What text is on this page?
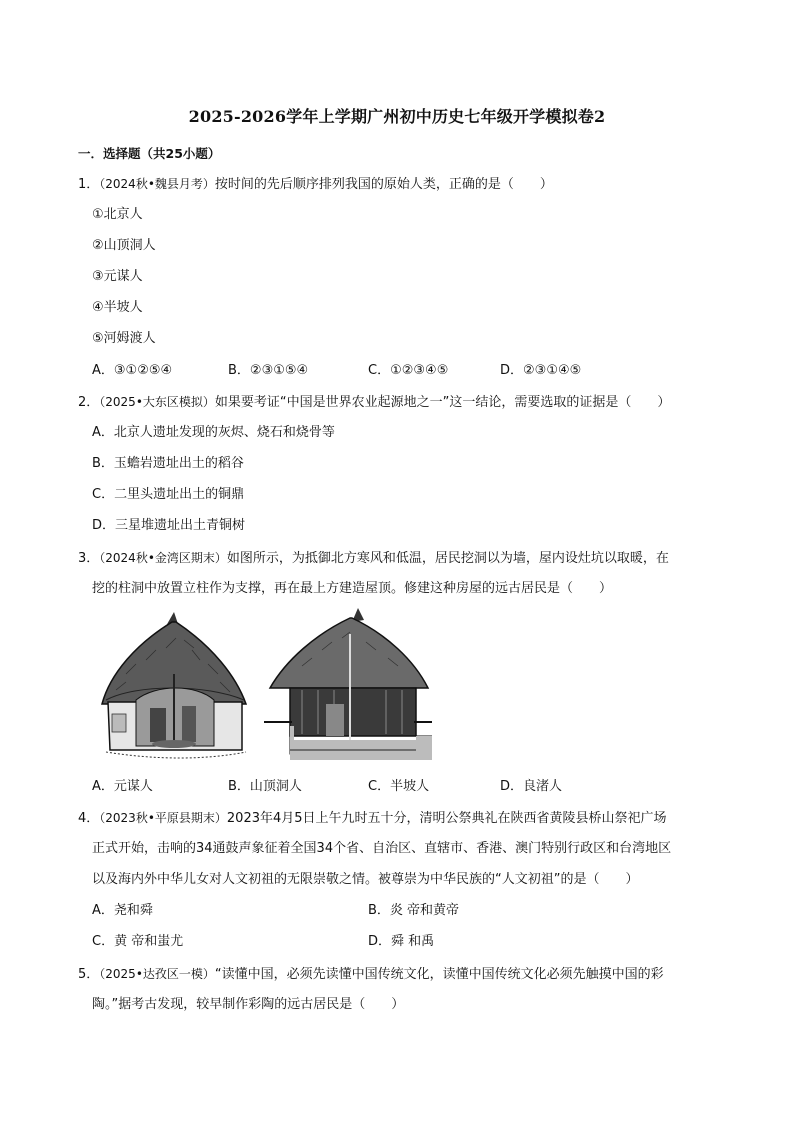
2025-2026学年上学期广州初中历史七年级开学模拟卷2
一．选择题（共25小题）
1．（2024秋•魏县月考）按时间的先后顺序排列我国的原始人类，正确的是（　　）
①北京人
②山顶洞人
③元谋人
④半坡人
⑤河姆渡人
A．③①②⑤④	B．②③①⑤④	C．①②③④⑤	D．②③①④⑤
2．（2025•大东区模拟）如果要考证“中国是世界农业起源地之一”这一结论，需要选取的证据是（　　）
A．北京人遗址发现的灰烬、烧石和烧骨等
B．玉蟾岩遗址出土的稻谷
C．二里头遗址出土的铜鼎
D．三星堆遗址出土青铜树
3．（2024秋•金湾区期末）如图所示，为抵御北方寒风和低温，居民挖洞以为墙，屋内设灶坑以取暖，在
挖的柱洞中放置立柱作为支撑，再在最上方建造屋顶。修建这种房屋的远古居民是（　　）
A．元谋人	B．山顶洞人	C．半坡人	D．良渚人
4．（2023秋•平原县期末）2023年4月5日上午九时五十分，清明公祭典礼在陕西省黄陵县桥山祭祀广场
正式开始，击响的34通鼓声象征着全国34个省、自治区、直辖市、香港、澳门特别行政区和台湾地区
以及海内外中华儿女对人文初祖的无限崇敬之情。被尊崇为中华民族的“人文初祖”的是（　　）
A．尧和舜	B．炎 帝和黄帝
C．黄 帝和蚩尤	D．舜 和禹
5．（2025•达孜区一模）“读懂中国，必须先读懂中国传统文化，读懂中国传统文化必须先触摸中国的彩
陶。”据考古发现，较早制作彩陶的远古居民是（　　）
